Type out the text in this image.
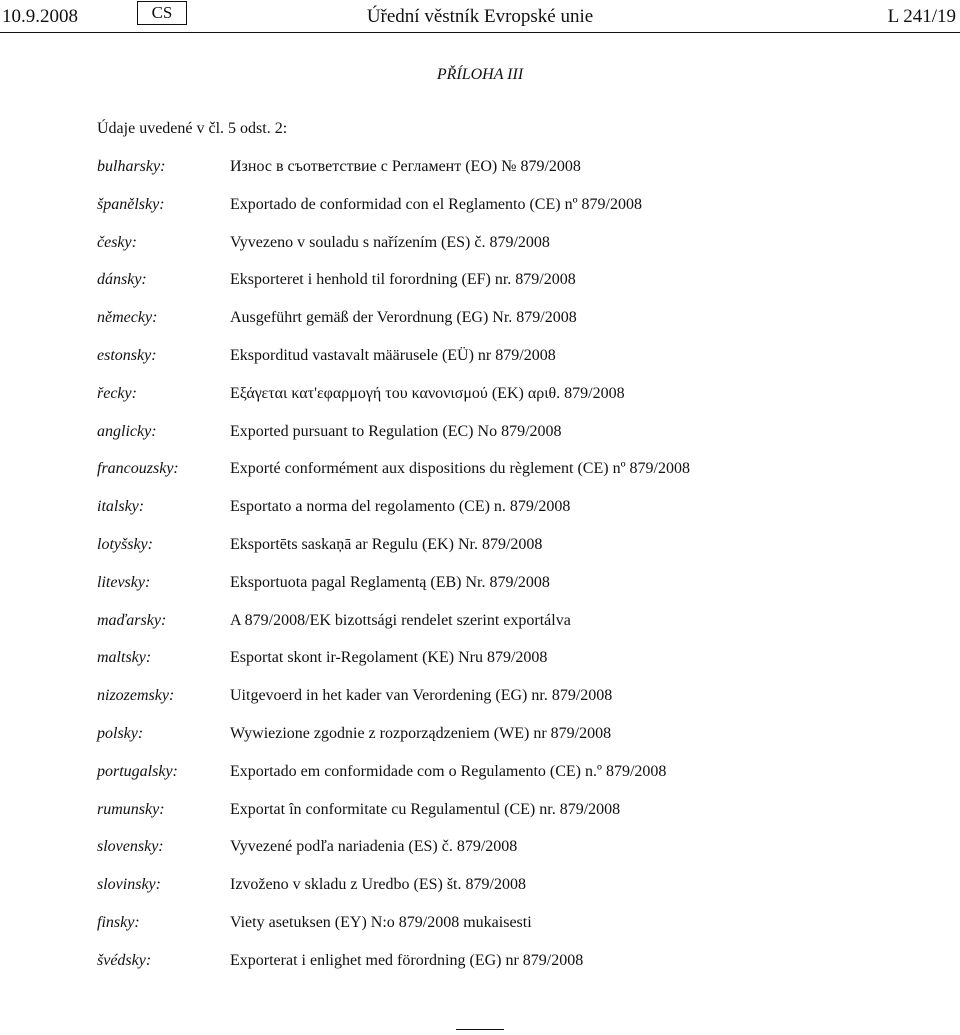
10.9.2008	CS	Úřední věstník Evropské unie	L 241/19
PŘÍLOHA III
Údaje uvedené v čl. 5 odst. 2:
bulharsky:	Износ в съответствие с Регламент (ЕО) № 879/2008
španělsky:	Exportado de conformidad con el Reglamento (CE) nº 879/2008
česky:	Vyvezeno v souladu s nařízením (ES) č. 879/2008
dánsky:	Eksporteret i henhold til forordning (EF) nr. 879/2008
německy:	Ausgeführt gemäß der Verordnung (EG) Nr. 879/2008
estonsky:	Eksporditud vastavalt määrusele (EÜ) nr 879/2008
řecky:	Εξάγεται κατ'εφαρμογή του κανονισμού (ΕΚ) αριθ. 879/2008
anglicky:	Exported pursuant to Regulation (EC) No 879/2008
francouzsky:	Exporté conformément aux dispositions du règlement (CE) nº 879/2008
italsky:	Esportato a norma del regolamento (CE) n. 879/2008
lotyšsky:	Eksportēts saskaņā ar Regulu (EK) Nr. 879/2008
litevsky:	Eksportuota pagal Reglamentą (EB) Nr. 879/2008
maďarsky:	A 879/2008/EK bizottsági rendelet szerint exportálva
maltsky:	Esportat skont ir-Regolament (KE) Nru 879/2008
nizozemsky:	Uitgevoerd in het kader van Verordening (EG) nr. 879/2008
polsky:	Wywiezione zgodnie z rozporządzeniem (WE) nr 879/2008
portugalsky:	Exportado em conformidade com o Regulamento (CE) n.º 879/2008
rumunsky:	Exportat în conformitate cu Regulamentul (CE) nr. 879/2008
slovensky:	Vyvezené podľa nariadenia (ES) č. 879/2008
slovinsky:	Izvoženo v skladu z Uredbo (ES) št. 879/2008
finsky:	Viety asetuksen (EY) N:o 879/2008 mukaisesti
švédsky:	Exporterat i enlighet med förordning (EG) nr 879/2008
